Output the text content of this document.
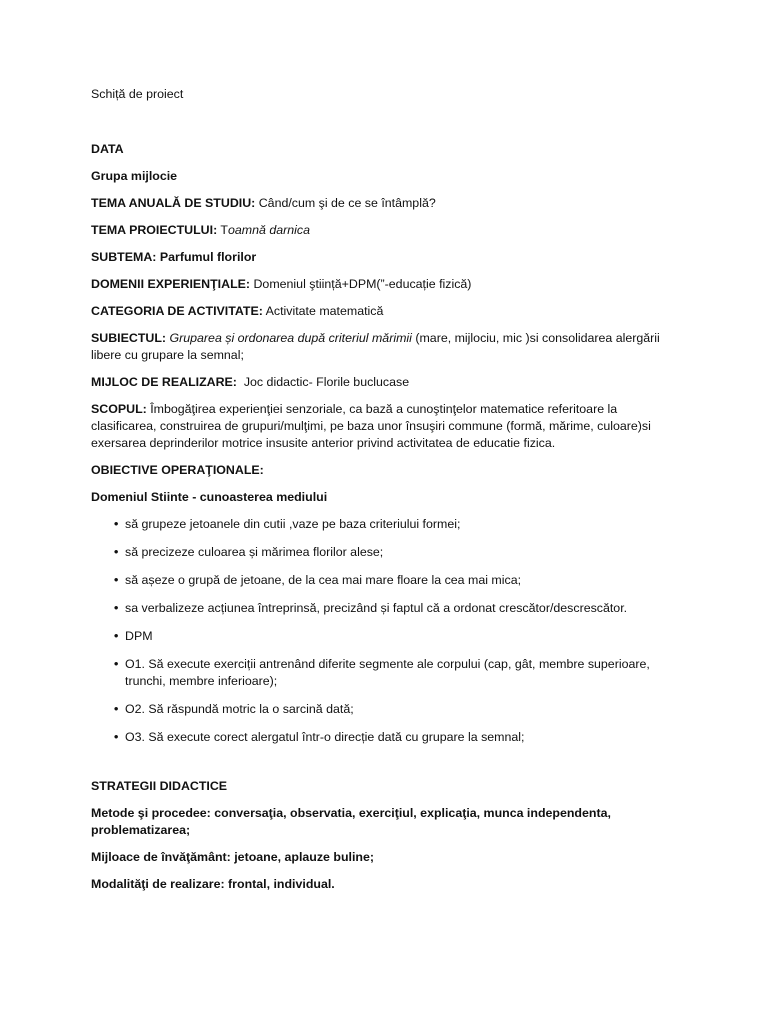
Schiță de proiect

DATA

Grupa mijlocie

TEMA ANUALĂ DE STUDIU: Când/cum şi de ce se întâmplă?

TEMA PROIECTULUI: Toamnă darnica

SUBTEMA: Parfumul florilor

DOMENII EXPERIENŢIALE: Domeniul ştiință+DPM(”-educație fizică)

CATEGORIA DE ACTIVITATE: Activitate matematică

SUBIECTUL: Gruparea și ordonarea după criteriul mărimii (mare, mijlociu, mic )si consolidarea alergării libere cu grupare la semnal;

MIJLOC DE REALIZARE: Joc didactic- Florile buclucase

SCOPUL: Îmbogăţirea experienţiei senzoriale, ca bază a cunoştinţelor matematice referitoare la clasificarea, construirea de grupuri/mulţimi, pe baza unor însuşiri commune (formă, mărime, culoare)si exersarea deprinderilor motrice insusite anterior privind activitatea de educatie fizica.

OBIECTIVE OPERAŢIONALE:

Domeniul Stiinte - cunoasterea mediului

• să grupeze jetoanele din cutii ,vaze pe baza criteriului formei;
• să precizeze culoarea și mărimea florilor alese;
• să așeze o grupă de jetoane, de la cea mai mare floare la cea mai mica;
• sa verbalizeze acțiunea întreprinsă, precizând și faptul că a ordonat crescător/descrescător.
• DPM
• O1. Să execute exerciții antrenând diferite segmente ale corpului (cap, gât, membre superioare, trunchi, membre inferioare);
• O2. Să răspundă motric la o sarcină dată;
• O3. Să execute corect alergatul într-o direcție dată cu grupare la semnal;

STRATEGII DIDACTICE

Metode şi procedee: conversaţia, observatia, exerciţiul, explicaţia, munca independenta, problematizarea;

Mijloace de învăţământ: jetoane, aplauze buline;

Modalităţi de realizare: frontal, individual.
